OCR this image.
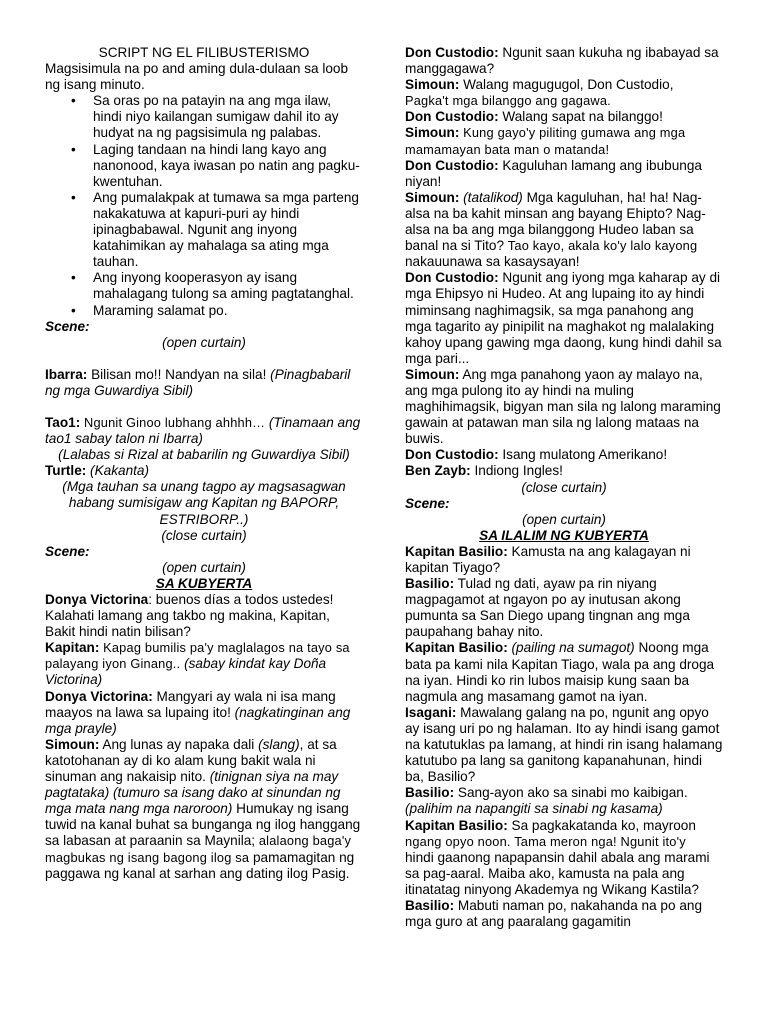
SCRIPT NG EL FILIBUSTERISMO

Magsisimula na po and aming dula-dulaan sa loob ng isang minuto.

• Sa oras po na patayin na ang mga ilaw, hindi niyo kailangan sumigaw dahil ito ay hudyat na ng pagsisimula ng palabas.
• Laging tandaan na hindi lang kayo ang nanonood, kaya iwasan po natin ang pagku-kwentuhan.
• Ang pumalakpak at tumawa sa mga parteng nakakatuwa at kapuri-puri ay hindi ipinagbabawal. Ngunit ang inyong katahimikan ay mahalaga sa ating mga tauhan.
• Ang inyong kooperasyon ay isang mahalagang tulong sa aming pagtatanghal.
• Maraming salamat po.

Scene:

(open curtain)

Ibarra: Bilisan mo!! Nandyan na sila! (Pinagbabaril ng mga Guwardiya Sibil)

Tao1: Ngunit Ginoo lubhang ahhhh… (Tinamaan ang tao1 sabay talon ni Ibarra)

(Lalabas si Rizal at babarilin ng Guwardiya Sibil)

Turtle: (Kakanta)

(Mga tauhan sa unang tagpo ay magsasagwan habang sumisigaw ang Kapitan ng BAPORP, ESTRIBORP..)

(close curtain)

Scene:

(open curtain)

SA KUBYERTA

Donya Victorina: buenos días a todos ustedes! Kalahati lamang ang takbo ng makina, Kapitan, Bakit hindi natin bilisan?

Kapitan: Kapag bumilis pa'y maglalagos na tayo sa palayang iyon Ginang.. (sabay kindat kay Doña Victorina)

Donya Victorina: Mangyari ay wala ni isa mang maayos na lawa sa lupaing ito! (nagkatinginan ang mga prayle)

Simoun: Ang lunas ay napaka dali (slang), at sa katotohanan ay di ko alam kung bakit wala ni sinuman ang nakaisip nito. (tinignan siya na may pagtataka) (tumuro sa isang dako at sinundan ng mga mata nang mga naroroon) Humukay ng isang tuwid na kanal buhat sa bunganga ng ilog hanggang sa labasan at paraanin sa Maynila; alalaong baga'y magbukas ng isang bagong ilog sa pamamagitan ng paggawa ng kanal at sarhan ang dating ilog Pasig.

Don Custodio: Ngunit saan kukuha ng ibabayad sa manggagawa?

Simoun: Walang magugugol, Don Custodio,
Pagka't mga bilanggo ang gagawa.

Don Custodio: Walang sapat na bilanggo!

Simoun: Kung gayo'y piliting gumawa ang mga mamamayan bata man o matanda!

Don Custodio: Kaguluhan lamang ang ibubunga niyan!

Simoun: (tatalikod) Mga kaguluhan, ha! ha! Nag-alsa na ba kahit minsan ang bayang Ehipto? Nag-alsa na ba ang mga bilanggong Hudeo laban sa banal na si Tito? Tao kayo, akala ko'y lalo kayong nakauunawa sa kasaysayan!

Don Custodio: Ngunit ang iyong mga kaharap ay di mga Ehipsyo ni Hudeo. At ang lupaing ito ay hindi miminsang naghimagsik, sa mga panahong ang mga tagarito ay pinipilit na maghakot ng malalaking kahoy upang gawing mga daong, kung hindi dahil sa mga pari...

Simoun: Ang mga panahong yaon ay malayo na, ang mga pulong ito ay hindi na muling maghihimagsik, bigyan man sila ng lalong maraming gawain at patawan man sila ng lalong mataas na buwis.

Don Custodio: Isang mulatong Amerikano!

Ben Zayb: Indiong Ingles!

(close curtain)

Scene:

(open curtain)

SA ILALIM NG KUBYERTA

Kapitan Basilio: Kamusta na ang kalagayan ni kapitan Tiyago?

Basilio: Tulad ng dati, ayaw pa rin niyang magpagamot at ngayon po ay inutusan akong pumunta sa San Diego upang tingnan ang mga paupahang bahay nito.

Kapitan Basilio: (pailing na sumagot) Noong mga bata pa kami nila Kapitan Tiago, wala pa ang droga na iyan. Hindi ko rin lubos maisip kung saan ba nagmula ang masamang gamot na iyan.

Isagani: Mawalang galang na po, ngunit ang opyo ay isang uri po ng halaman. Ito ay hindi isang gamot na katutuklas pa lamang, at hindi rin isang halamang katutubo pa lang sa ganitong kapanahunan, hindi ba, Basilio?

Basilio: Sang-ayon ako sa sinabi mo kaibigan.
(palihim na napangiti sa sinabi ng kasama)

Kapitan Basilio: Sa pagkakatanda ko, mayroon
ngang opyo noon. Tama meron nga! Ngunit ito'y
hindi gaanong napapansin dahil abala ang marami sa pag-aaral. Maiba ako, kamusta na pala ang itinatatag ninyong Akademya ng Wikang Kastila?

Basilio: Mabuti naman po, nakahanda na po ang mga guro at ang paaralang gagamitin
